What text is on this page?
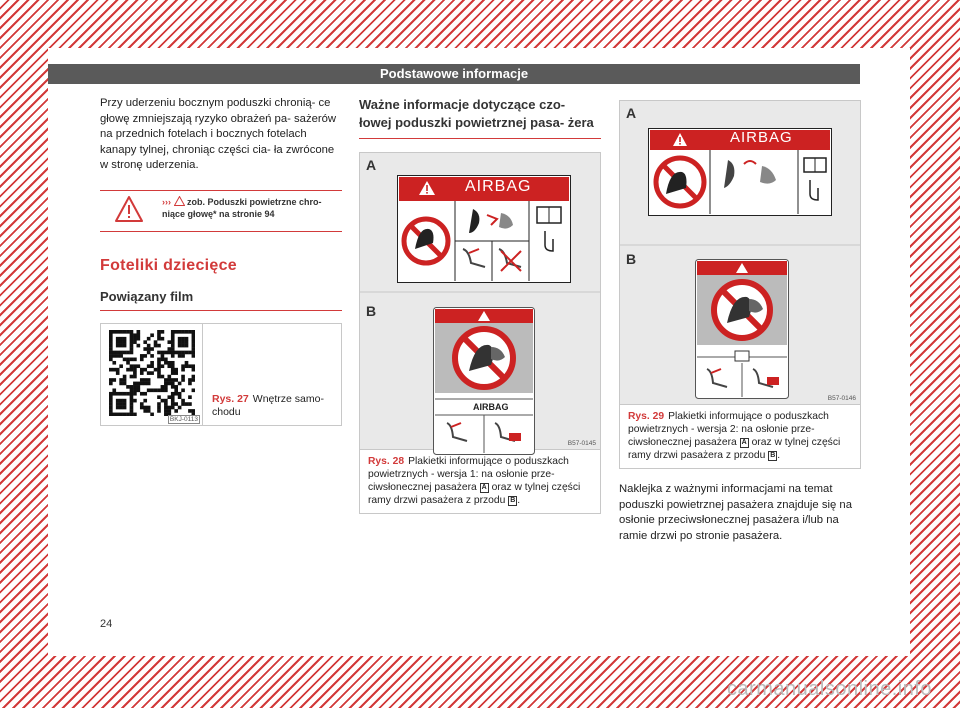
Podstawowe informacje

Przy uderzeniu bocznym poduszki chronią- ce głowę zmniejszają ryzyko obrażeń pa- sażerów na przednich fotelach i bocznych fotelach kanapy tylnej, chroniąc części cia- ła zwrócone w stronę uderzenia.

››› zob. Poduszki powietrzne chro- niące głowę* na stronie 94
Foteliki dziecięce
Powiązany film
BKJ-0113
Rys. 27 Wnętrze samo- chodu
Ważne informacje dotyczące czo- łowej poduszki powietrznej pasa- żera
A
B
AIRBAG
AIRBAG
B57-0145
Rys. 28 Plakietki informujące o poduszkach powietrznych - wersja 1: na osłonie prze- ciwsłonecznej pasażera A oraz w tylnej części ramy drzwi pasażera z przodu B .
A
B
AIRBAG
B57-0146
Rys. 29 Plakietki informujące o poduszkach powietrznych - wersja 2: na osłonie prze- ciwsłonecznej pasażera A oraz w tylnej części ramy drzwi pasażera z przodu B .

Naklejka z ważnymi informacjami na temat poduszki powietrznej pasażera znajduje się na osłonie przeciwsłonecznej pasażera i/lub na ramie drzwi po stronie pasażera.

24
carmanualsonline.info
